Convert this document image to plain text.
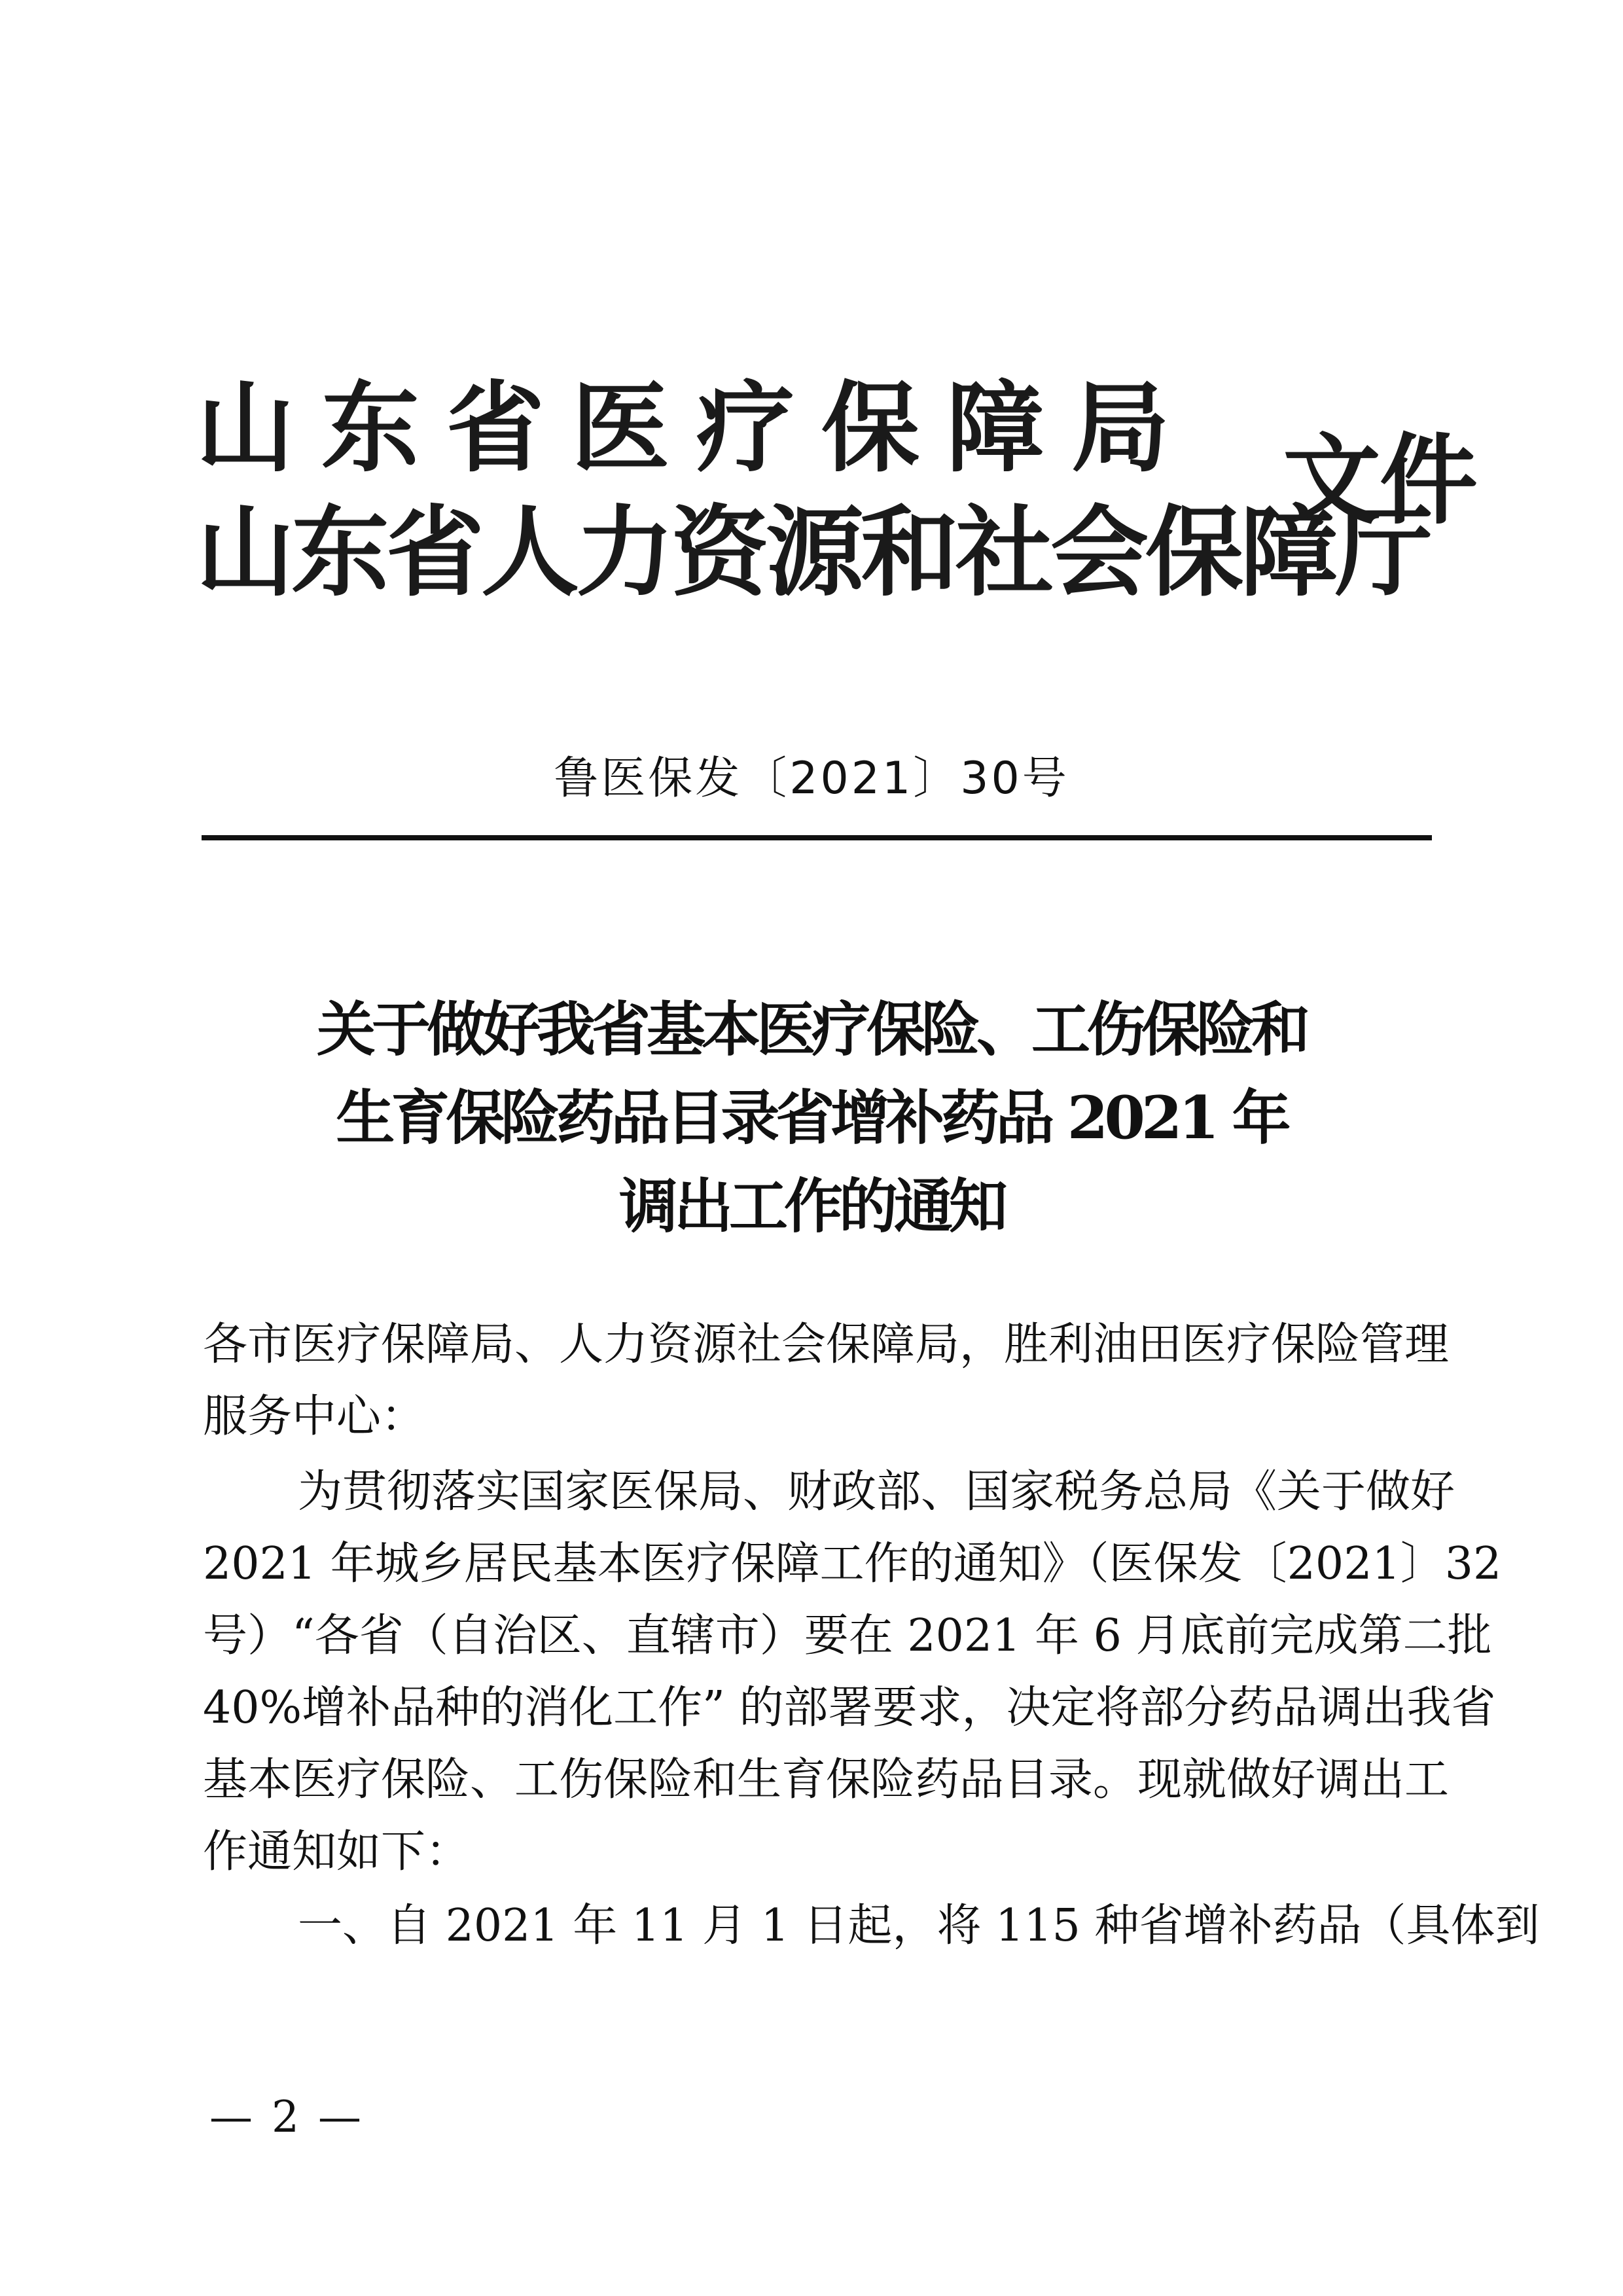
山东省医疗保障局
山东省人力资源和社会保障厅
文件
鲁医保发〔2021〕30号
关于做好我省基本医疗保险、工伤保险和
生育保险药品目录省增补药品 2021 年
调出工作的通知
各市医疗保障局、人力资源社会保障局，胜利油田医疗保险管理
服务中心：
为贯彻落实国家医保局、财政部、国家税务总局《关于做好
2021 年城乡居民基本医疗保障工作的通知》（医保发〔2021〕32
号）“各省（自治区、直辖市）要在 2021 年 6 月底前完成第二批
40%增补品种的消化工作” 的部署要求，决定将部分药品调出我省
基本医疗保险、工伤保险和生育保险药品目录。现就做好调出工
作通知如下：
一、自 2021 年 11 月 1 日起，将 115 种省增补药品（具体到
— 2 —
